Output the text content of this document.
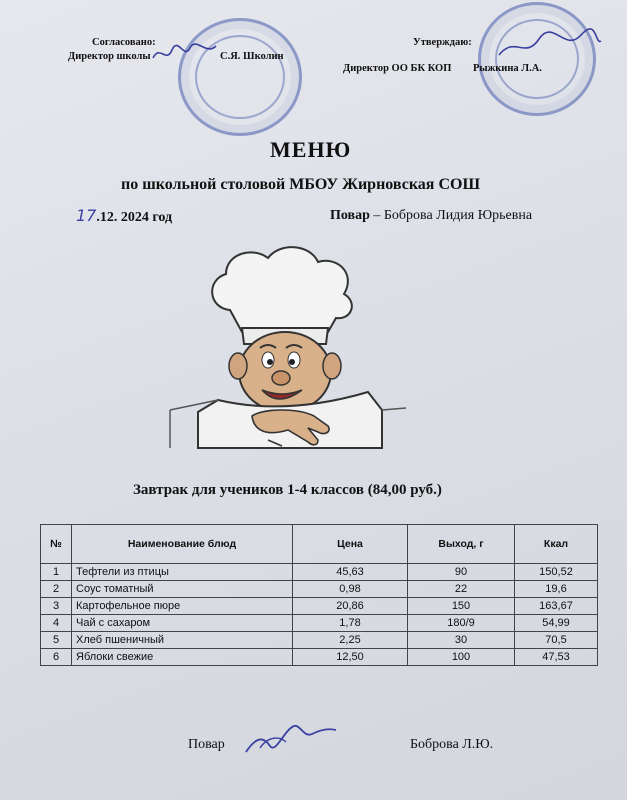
Согласовано:
Директор школы	С.Я. Школин
Утверждаю:
Директор ОО БК КОП Рыжкина Л.А.
МЕНЮ
по школьной столовой МБОУ Жирновская СОШ
17.12. 2024 год	Повар – Боброва Лидия Юрьевна
Завтрак для учеников 1-4 классов (84,00 руб.)
№	Наименование блюд	Цена	Выход, г	Ккал
1	Тефтели из птицы	45,63	90	150,52
2	Соус томатный	0,98	22	19,6
3	Картофельное пюре	20,86	150	163,67
4	Чай с сахаром	1,78	180/9	54,99
5	Хлеб пшеничный	2,25	30	70,5
6	Яблоки свежие	12,50	100	47,53
Повар	Боброва Л.Ю.
